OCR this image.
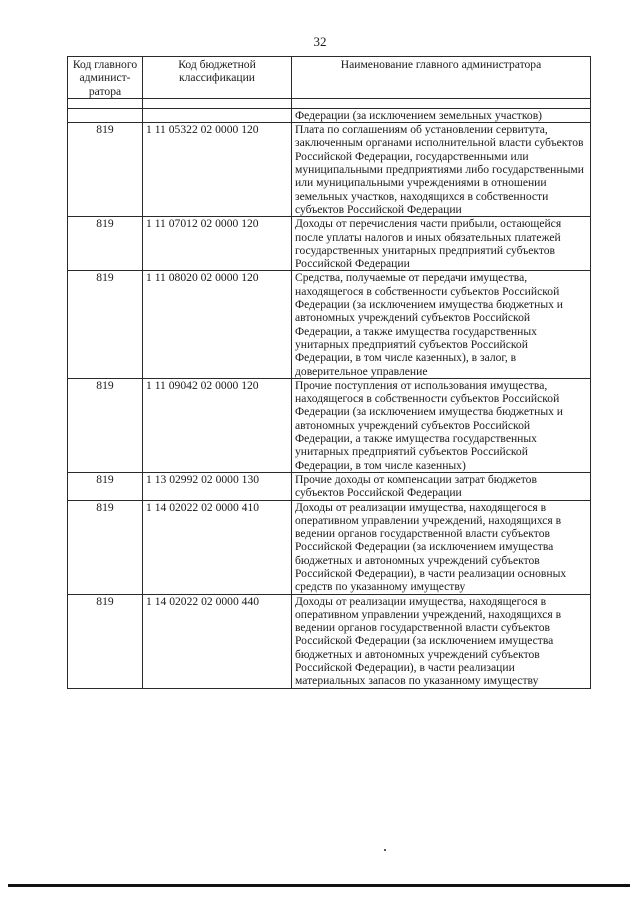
32
Код главного админист-ратора	Код бюджетной классификации	Наименование главного администратора

		Федерации (за исключением земельных участков)
819	1 11 05322 02 0000 120	Плата по соглашениям об установлении сервитута, заключенным органами исполнительной власти субъектов Российской Федерации, государственными или муниципальными предприятиями либо государственными или муниципальными учреждениями в отношении земельных участков, находящихся в собственности субъектов Российской Федерации
819	1 11 07012 02 0000 120	Доходы от перечисления части прибыли, остающейся после уплаты налогов и иных обязательных платежей государственных унитарных предприятий субъектов Российской Федерации
819	1 11 08020 02 0000 120	Средства, получаемые от передачи имущества, находящегося в собственности субъектов Российской Федерации (за исключением имущества бюджетных и автономных учреждений субъектов Российской Федерации, а также имущества государственных унитарных предприятий субъектов Российской Федерации, в том числе казенных), в залог, в доверительное управление
819	1 11 09042 02 0000 120	Прочие поступления от использования имущества, находящегося в собственности субъектов Российской Федерации (за исключением имущества бюджетных и автономных учреждений субъектов Российской Федерации, а также имущества государственных унитарных предприятий субъектов Российской Федерации, в том числе казенных)
819	1 13 02992 02 0000 130	Прочие доходы от компенсации затрат бюджетов субъектов Российской Федерации
819	1 14 02022 02 0000 410	Доходы от реализации имущества, находящегося в оперативном управлении учреждений, находящихся в ведении органов государственной власти субъектов Российской Федерации (за исключением имущества бюджетных и автономных учреждений субъектов Российской Федерации), в части реализации основных средств по указанному имуществу
819	1 14 02022 02 0000 440	Доходы от реализации имущества, находящегося в оперативном управлении учреждений, находящихся в ведении органов государственной власти субъектов Российской Федерации (за исключением имущества бюджетных и автономных учреждений субъектов Российской Федерации), в части реализации материальных запасов по указанному имуществу
